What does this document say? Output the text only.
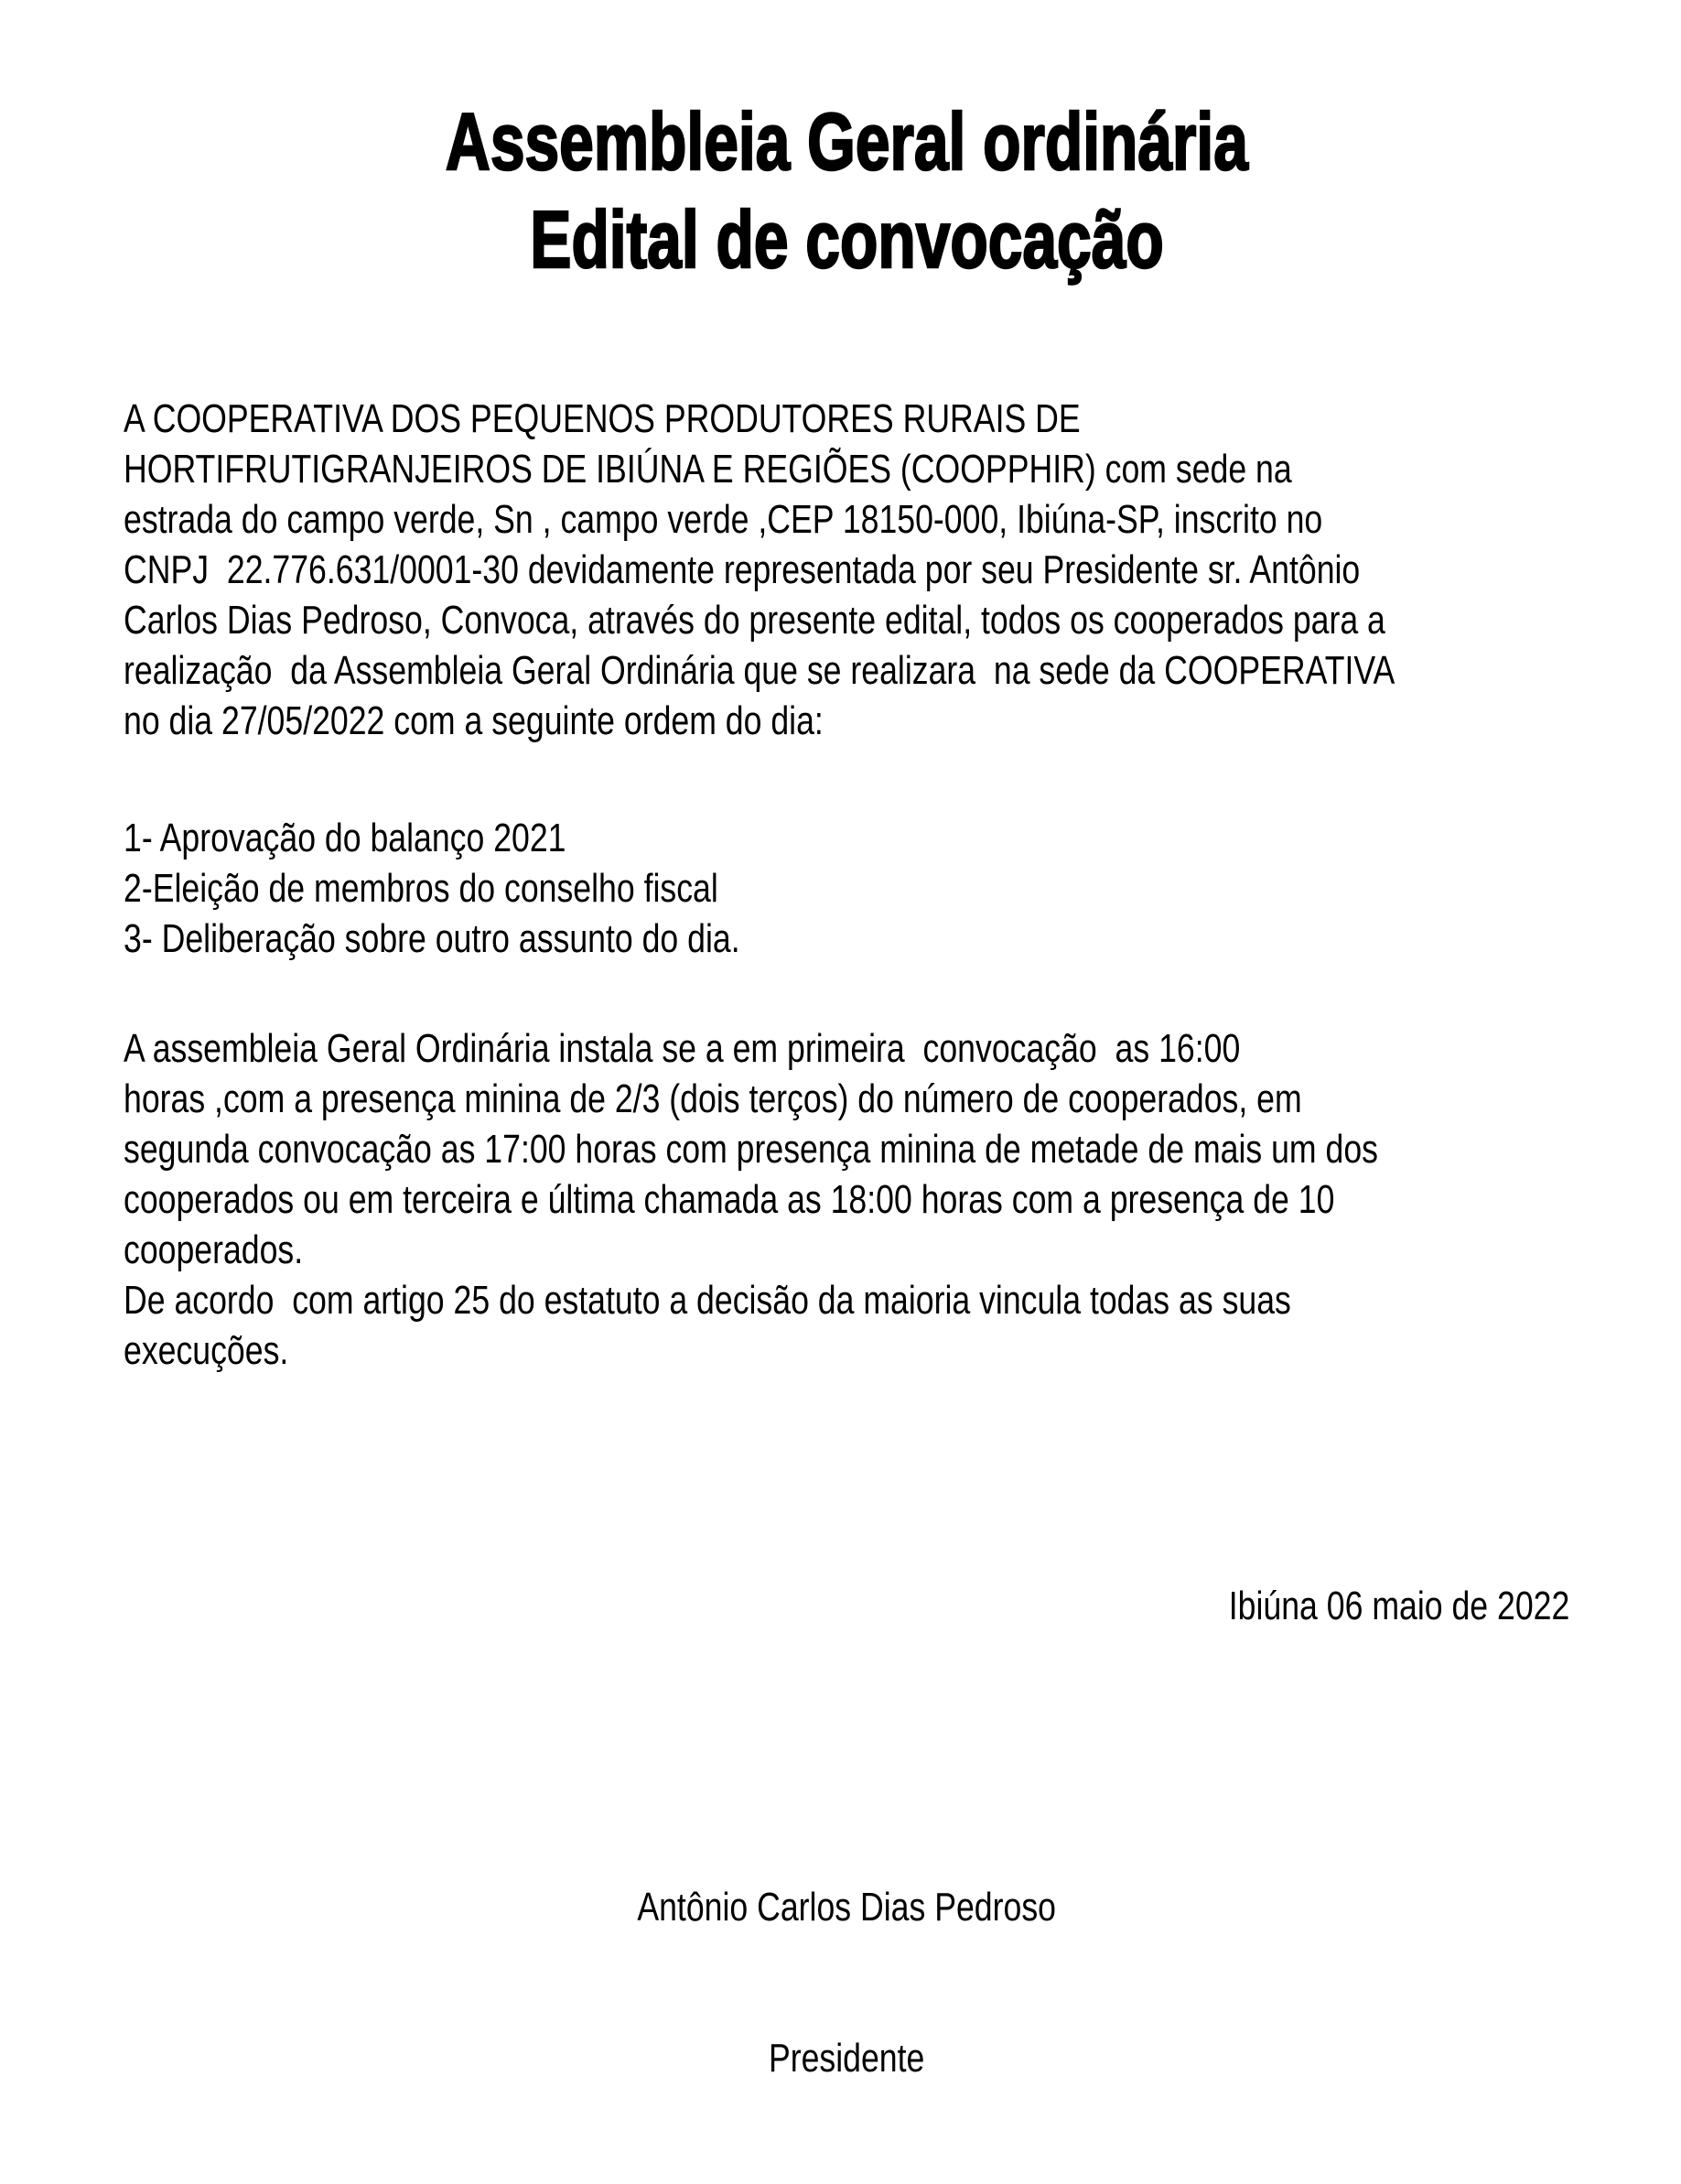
Assembleia Geral ordinária
Edital de convocação
A COOPERATIVA DOS PEQUENOS PRODUTORES RURAIS DE
HORTIFRUTIGRANJEIROS DE IBIÚNA E REGIÕES (COOPPHIR) com sede na
estrada do campo verde, Sn , campo verde ,CEP 18150-000, Ibiúna-SP, inscrito no
CNPJ  22.776.631/0001-30 devidamente representada por seu Presidente sr. Antônio
Carlos Dias Pedroso, Convoca, através do presente edital, todos os cooperados para a
realização  da Assembleia Geral Ordinária que se realizara  na sede da COOPERATIVA
no dia 27/05/2022 com a seguinte ordem do dia:
1- Aprovação do balanço 2021
2-Eleição de membros do conselho fiscal
3- Deliberação sobre outro assunto do dia.
A assembleia Geral Ordinária instala se a em primeira  convocação  as 16:00
horas ,com a presença minina de 2/3 (dois terços) do número de cooperados, em
segunda convocação as 17:00 horas com presença minina de metade de mais um dos
cooperados ou em terceira e última chamada as 18:00 horas com a presença de 10
cooperados.
De acordo  com artigo 25 do estatuto a decisão da maioria vincula todas as suas
execuções.
Ibiúna 06 maio de 2022

Antônio Carlos Dias Pedroso

Presidente
